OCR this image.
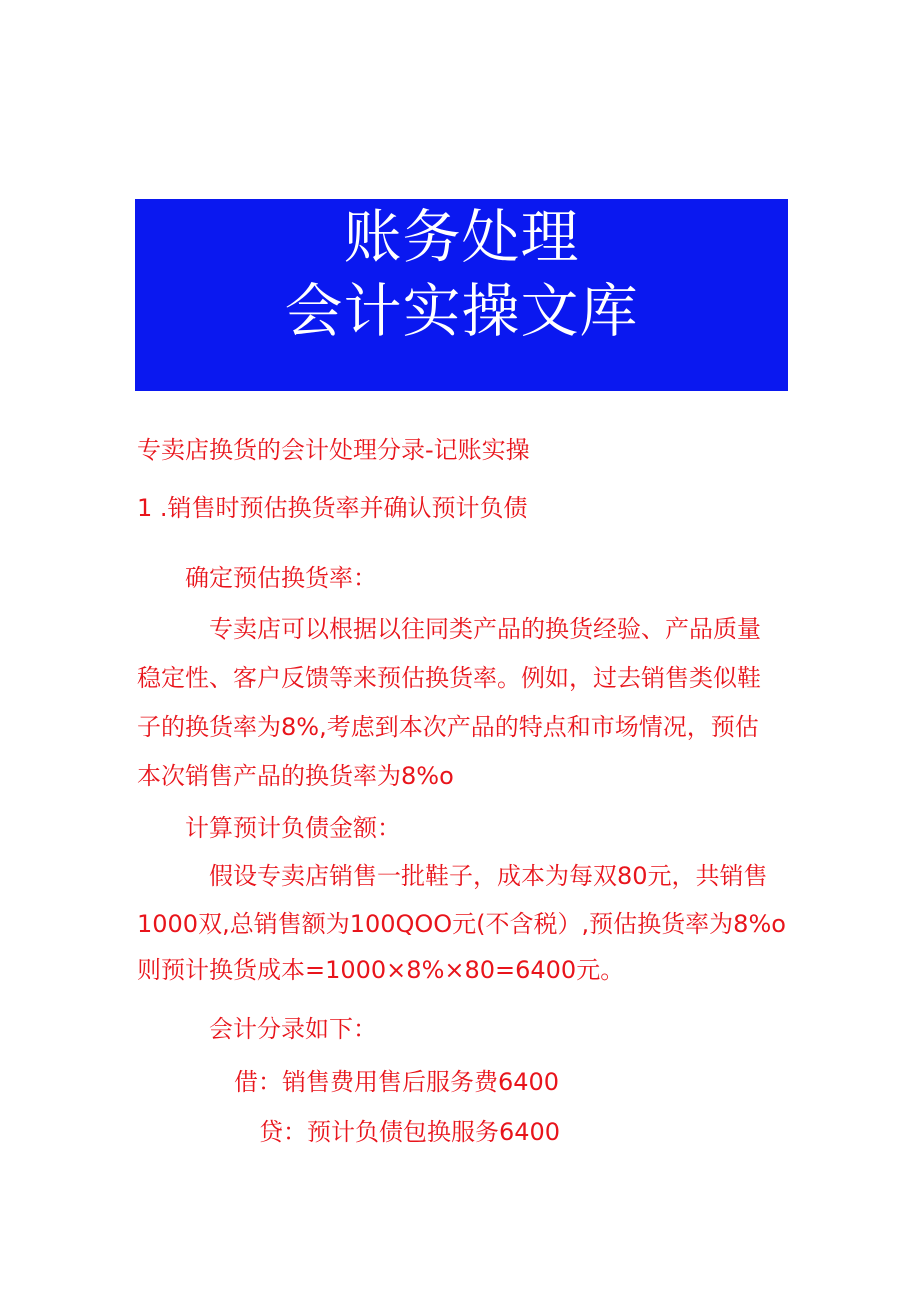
账务处理
会计实操文库
专卖店换货的会计处理分录-记账实操
1 .销售时预估换货率并确认预计负债
确定预估换货率：
专卖店可以根据以往同类产品的换货经验、产品质量
稳定性、客户反馈等来预估换货率。例如，过去销售类似鞋
子的换货率为8%,考虑到本次产品的特点和市场情况，预估
本次销售产品的换货率为8%o
计算预计负债金额：
假设专卖店销售一批鞋子，成本为每双80元，共销售
1000双,总销售额为100QOO元(不含税）,预估换货率为8%o
则预计换货成本=1000×8%×80=6400元。
会计分录如下：
借：销售费用售后服务费6400
贷：预计负债包换服务6400
